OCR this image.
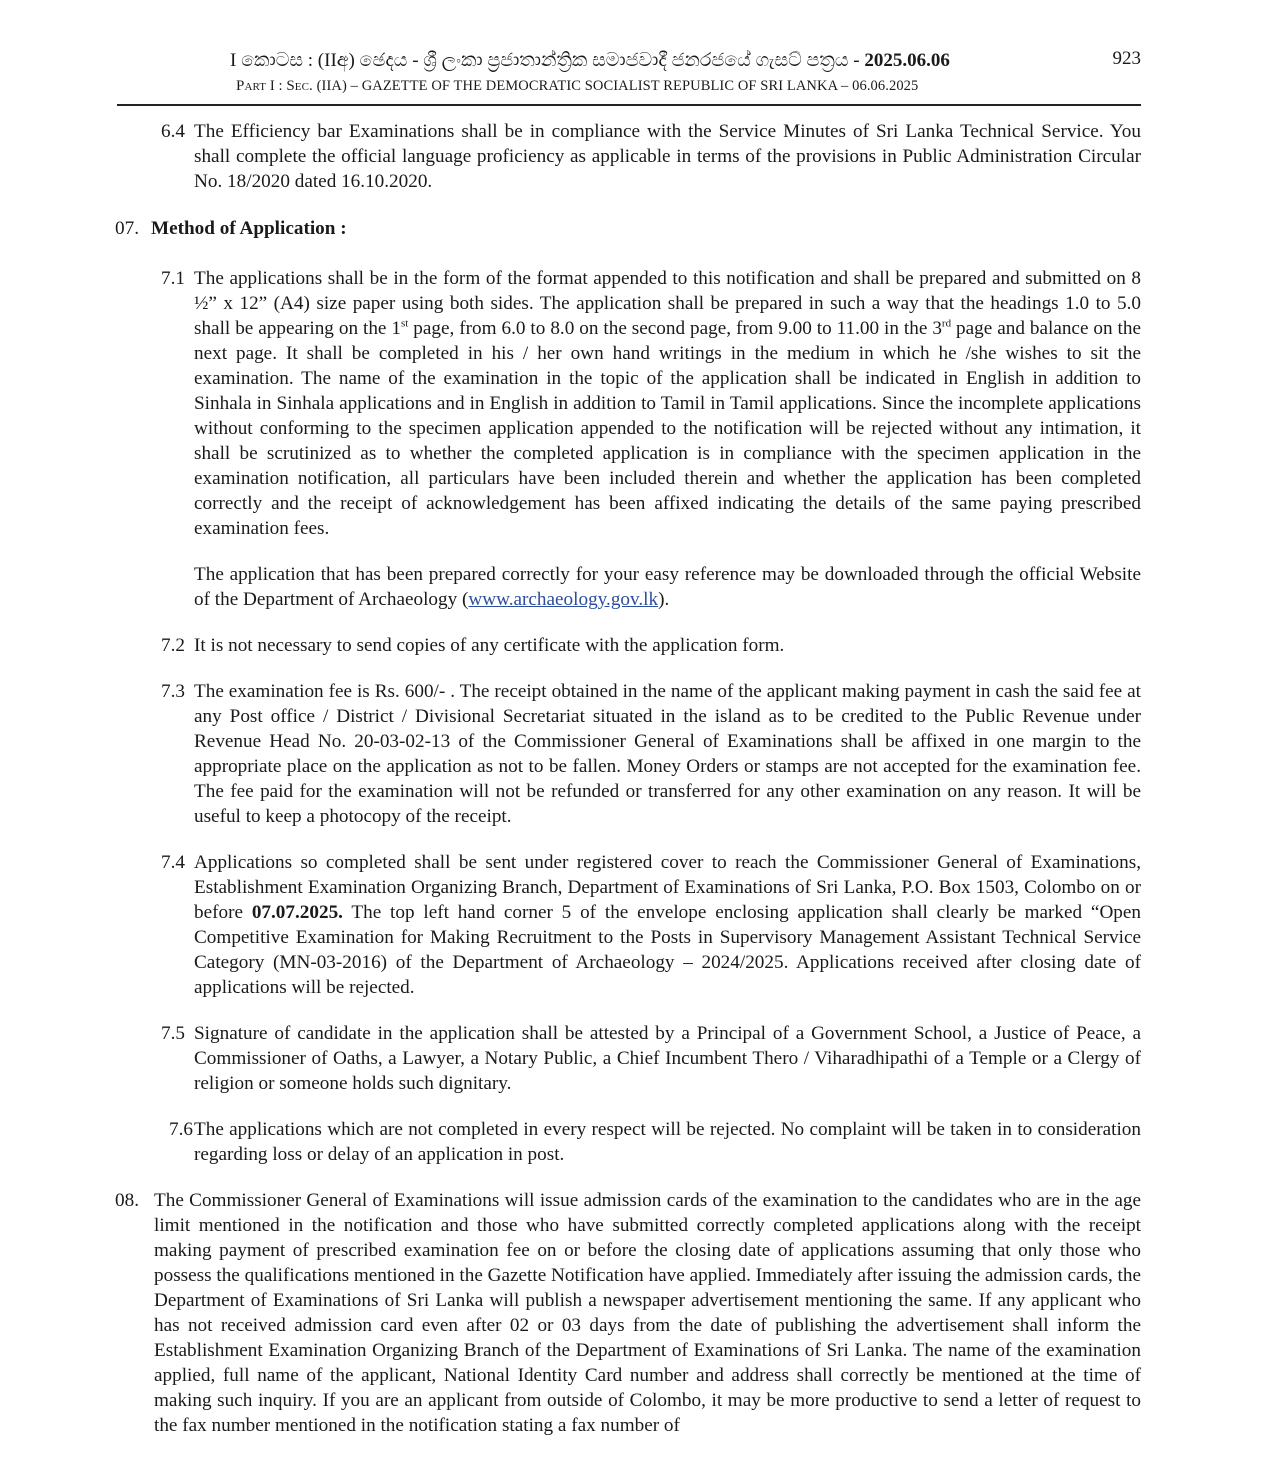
I කොටස : (IIඅ) ඡෙදය - ශ්‍රී ලංකා ප්‍රජාතාන්ත්‍රික සමාජවාදී ජනරජයේ ගැසට් පත්‍රය - 2025.06.06	923
Part I : Sec. (IIA) – GAZETTE OF THE DEMOCRATIC SOCIALIST REPUBLIC OF SRI LANKA – 06.06.2025
6.4 The Efficiency bar Examinations shall be in compliance with the Service Minutes of Sri Lanka Technical Service. You shall complete the official language proficiency as applicable in terms of the provisions in Public Administration Circular No. 18/2020 dated 16.10.2020.
07. Method of Application :
7.1 The applications shall be in the form of the format appended to this notification and shall be prepared and submitted on 8 ½” x 12” (A4) size paper using both sides. The application shall be prepared in such a way that the headings 1.0 to 5.0 shall be appearing on the 1st page, from 6.0 to 8.0 on the second page, from 9.00 to 11.00 in the 3rd page and balance on the next page. It shall be completed in his / her own hand writings in the medium in which he /she wishes to sit the examination. The name of the examination in the topic of the application shall be indicated in English in addition to Sinhala in Sinhala applications and in English in addition to Tamil in Tamil applications. Since the incomplete applications without conforming to the specimen application appended to the notification will be rejected without any intimation, it shall be scrutinized as to whether the completed application is in compliance with the specimen application in the examination notification, all particulars have been included therein and whether the application has been completed correctly and the receipt of acknowledgement has been affixed indicating the details of the same paying prescribed examination fees.
The application that has been prepared correctly for your easy reference may be downloaded through the official Website of the Department of Archaeology (www.archaeology.gov.lk).
7.2 It is not necessary to send copies of any certificate with the application form.
7.3 The examination fee is Rs. 600/- . The receipt obtained in the name of the applicant making payment in cash the said fee at any Post office / District / Divisional Secretariat situated in the island as to be credited to the Public Revenue under Revenue Head No. 20-03-02-13 of the Commissioner General of Examinations shall be affixed in one margin to the appropriate place on the application as not to be fallen. Money Orders or stamps are not accepted for the examination fee. The fee paid for the examination will not be refunded or transferred for any other examination on any reason. It will be useful to keep a photocopy of the receipt.
7.4 Applications so completed shall be sent under registered cover to reach the Commissioner General of Examinations, Establishment Examination Organizing Branch, Department of Examinations of Sri Lanka, P.O. Box 1503, Colombo on or before 07.07.2025. The top left hand corner 5 of the envelope enclosing application shall clearly be marked “Open Competitive Examination for Making Recruitment to the Posts in Supervisory Management Assistant Technical Service Category (MN-03-2016) of the Department of Archaeology – 2024/2025. Applications received after closing date of applications will be rejected.
7.5 Signature of candidate in the application shall be attested by a Principal of a Government School, a Justice of Peace, a Commissioner of Oaths, a Lawyer, a Notary Public, a Chief Incumbent Thero / Viharadhipathi of a Temple or a Clergy of religion or someone holds such dignitary.
7.6 The applications which are not completed in every respect will be rejected. No complaint will be taken in to consideration regarding loss or delay of an application in post.
08. The Commissioner General of Examinations will issue admission cards of the examination to the candidates who are in the age limit mentioned in the notification and those who have submitted correctly completed applications along with the receipt making payment of prescribed examination fee on or before the closing date of applications assuming that only those who possess the qualifications mentioned in the Gazette Notification have applied. Immediately after issuing the admission cards, the Department of Examinations of Sri Lanka will publish a newspaper advertisement mentioning the same. If any applicant who has not received admission card even after 02 or 03 days from the date of publishing the advertisement shall inform the Establishment Examination Organizing Branch of the Department of Examinations of Sri Lanka. The name of the examination applied, full name of the applicant, National Identity Card number and address shall correctly be mentioned at the time of making such inquiry. If you are an applicant from outside of Colombo, it may be more productive to send a letter of request to the fax number mentioned in the notification stating a fax number of
